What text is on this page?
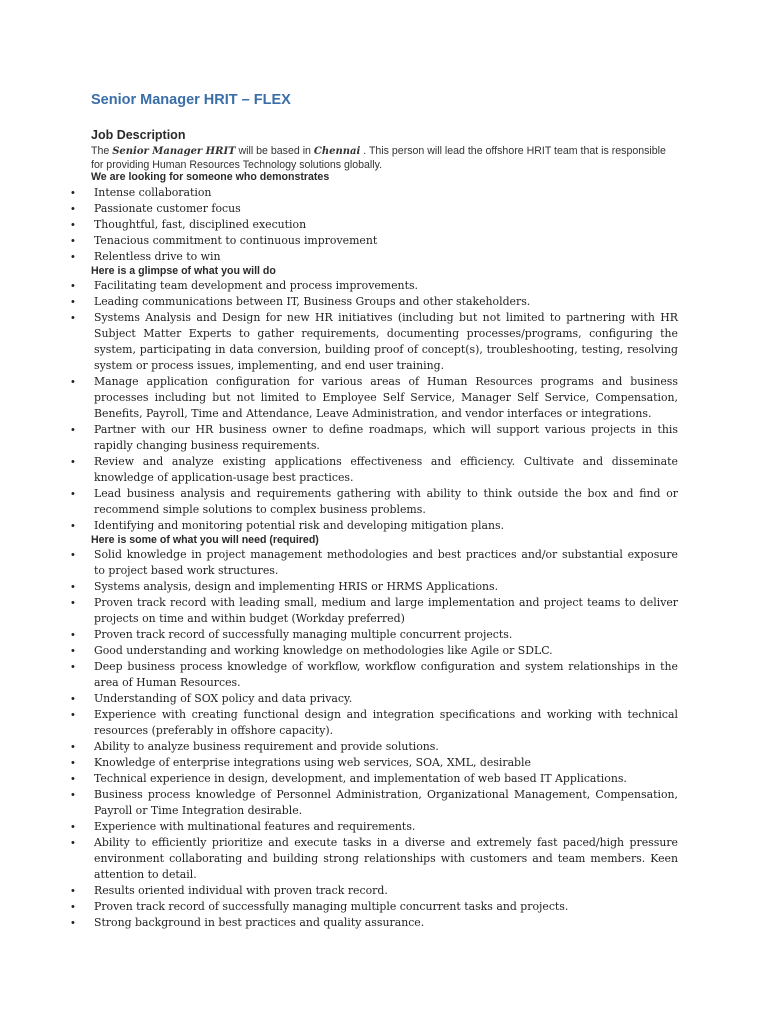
Senior Manager HRIT – FLEX
Job Description
The Senior Manager HRIT will be based in Chennai . This person will lead the offshore HRIT team that is responsible for providing Human Resources Technology solutions globally.
We are looking for someone who demonstrates
• Intense collaboration
• Passionate customer focus
• Thoughtful, fast, disciplined execution
• Tenacious commitment to continuous improvement
• Relentless drive to win
Here is a glimpse of what you will do
• Facilitating team development and process improvements.
• Leading communications between IT, Business Groups and other stakeholders.
• Systems Analysis and Design for new HR initiatives (including but not limited to partnering with HR Subject Matter Experts to gather requirements, documenting processes/programs, configuring the system, participating in data conversion, building proof of concept(s), troubleshooting, testing, resolving system or process issues, implementing, and end user training.
• Manage application configuration for various areas of Human Resources programs and business processes including but not limited to Employee Self Service, Manager Self Service, Compensation, Benefits, Payroll, Time and Attendance, Leave Administration, and vendor interfaces or integrations.
• Partner with our HR business owner to define roadmaps, which will support various projects in this rapidly changing business requirements.
• Review and analyze existing applications effectiveness and efficiency. Cultivate and disseminate knowledge of application-usage best practices.
• Lead business analysis and requirements gathering with ability to think outside the box and find or recommend simple solutions to complex business problems.
• Identifying and monitoring potential risk and developing mitigation plans.
Here is some of what you will need (required)
• Solid knowledge in project management methodologies and best practices and/or substantial exposure to project based work structures.
• Systems analysis, design and implementing HRIS or HRMS Applications.
• Proven track record with leading small, medium and large implementation and project teams to deliver projects on time and within budget (Workday preferred)
• Proven track record of successfully managing multiple concurrent projects.
• Good understanding and working knowledge on methodologies like Agile or SDLC.
• Deep business process knowledge of workflow, workflow configuration and system relationships in the area of Human Resources.
• Understanding of SOX policy and data privacy.
• Experience with creating functional design and integration specifications and working with technical resources (preferably in offshore capacity).
• Ability to analyze business requirement and provide solutions.
• Knowledge of enterprise integrations using web services, SOA, XML, desirable
• Technical experience in design, development, and implementation of web based IT Applications.
• Business process knowledge of Personnel Administration, Organizational Management, Compensation, Payroll or Time Integration desirable.
• Experience with multinational features and requirements.
• Ability to efficiently prioritize and execute tasks in a diverse and extremely fast paced/high pressure environment collaborating and building strong relationships with customers and team members. Keen attention to detail.
• Results oriented individual with proven track record.
• Proven track record of successfully managing multiple concurrent tasks and projects.
• Strong background in best practices and quality assurance.
